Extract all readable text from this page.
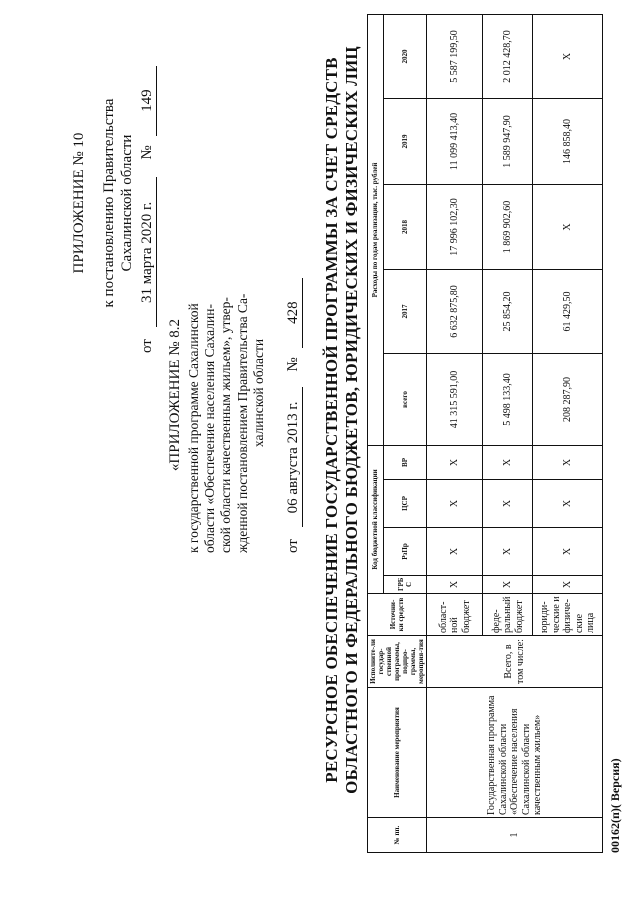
ПРИЛОЖЕНИЕ № 10 к постановлению Правительства Сахалинской области
от 31 марта 2020 г. № 149
«ПРИЛОЖЕНИЕ № 8.2 к государственной программе Сахалинской области «Обеспечение населения Сахалин- ской области качественным жильем», утвер- жденной постановлением Правительства Са- халинской области
от 06 августа 2013 г. № 428 РЕСУРСНОЕ ОБЕСПЕЧЕНИЕ ГОСУДАРСТВЕННОЙ ПРОГРАММЫ ЗА СЧЕТ СРЕДСТВ ОБЛАСТНОГО И ФЕДЕРАЛЬНОГО БЮДЖЕТОВ, ЮРИДИЧЕСКИХ И ФИЗИЧЕСКИХ ЛИЦ
№ пп.	Наименование мероприятия	Исполните-ли государ-ственной программы, подпро-граммы, мероприя-тия	Источни-ки средств	Код бюджетной классификации				Расходы по годам реализации, тыс. рублей				
				ГРБ С	РзПр	ЦСР	ВР	всего	2017	2018	2019	2020

1	Государственная программа Сахалинской области «Обеспечение населения Сахалинской области качественным жильем»	Всего, в том числе:	област-ной бюджет	X	X	X	X	41 315 591,00	6 632 875,80	17 996 102,30	11 099 413,40	5 587 199,50
			феде-ральный бюджет	X	X	X	X	5 498 133,40	25 854,20	1 869 902,60	1 589 947,90	2 012 428,70
			юриди-ческие и физиче-ские лица	X	X	X	X	208 287,90	61 429,50	X	146 858,40	X
00162(п)( Версия)
